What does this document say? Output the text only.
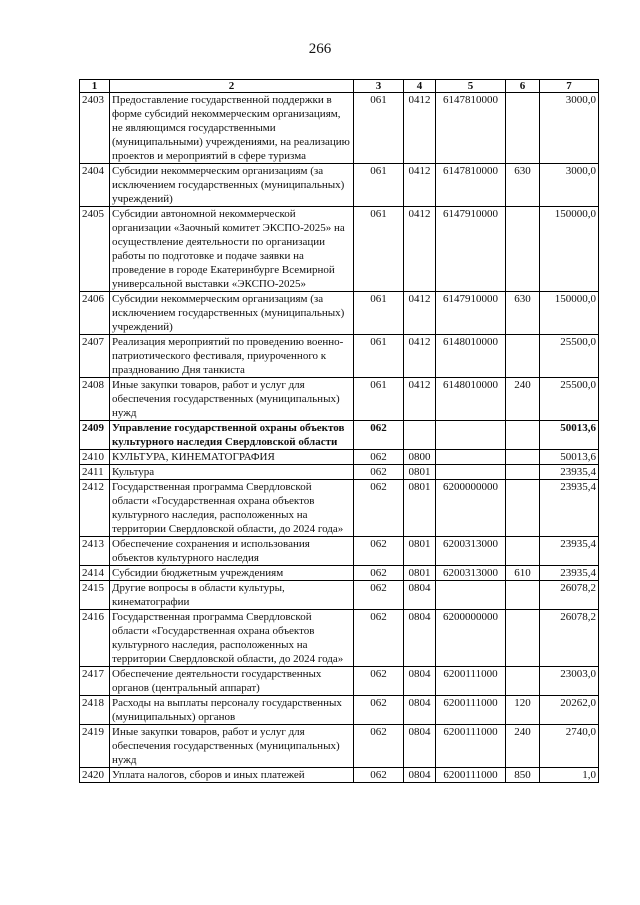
266
1	2	3	4	5	6	7
2403	Предоставление государственной поддержки в форме субсидий некоммерческим организациям, не являющимся государственными (муниципальными) учреждениями, на реализацию проектов и мероприятий в сфере туризма	061	0412	6147810000		3000,0
2404	Субсидии некоммерческим организациям (за исключением государственных (муниципальных) учреждений)	061	0412	6147810000	630	3000,0
2405	Субсидии автономной некоммерческой организации «Заочный комитет ЭКСПО-2025» на осуществление деятельности по организации работы по подготовке и подаче заявки на проведение в городе Екатеринбурге Всемирной универсальной выставки «ЭКСПО-2025»	061	0412	6147910000		150000,0
2406	Субсидии некоммерческим организациям (за исключением государственных (муниципальных) учреждений)	061	0412	6147910000	630	150000,0
2407	Реализация мероприятий по проведению военно-патриотического фестиваля, приуроченного к празднованию Дня танкиста	061	0412	6148010000		25500,0
2408	Иные закупки товаров, работ и услуг для обеспечения государственных (муниципальных) нужд	061	0412	6148010000	240	25500,0
2409	Управление государственной охраны объектов культурного наследия Свердловской области	062				50013,6
2410	КУЛЬТУРА, КИНЕМАТОГРАФИЯ	062	0800			50013,6
2411	Культура	062	0801			23935,4
2412	Государственная программа Свердловской области «Государственная охрана объектов культурного наследия, расположенных на территории Свердловской области, до 2024 года»	062	0801	6200000000		23935,4
2413	Обеспечение сохранения и использования объектов культурного наследия	062	0801	6200313000		23935,4
2414	Субсидии бюджетным учреждениям	062	0801	6200313000	610	23935,4
2415	Другие вопросы в области культуры, кинематографии	062	0804			26078,2
2416	Государственная программа Свердловской области «Государственная охрана объектов культурного наследия, расположенных на территории Свердловской области, до 2024 года»	062	0804	6200000000		26078,2
2417	Обеспечение деятельности государственных органов (центральный аппарат)	062	0804	6200111000		23003,0
2418	Расходы на выплаты персоналу государственных (муниципальных) органов	062	0804	6200111000	120	20262,0
2419	Иные закупки товаров, работ и услуг для обеспечения государственных (муниципальных) нужд	062	0804	6200111000	240	2740,0
2420	Уплата налогов, сборов и иных платежей	062	0804	6200111000	850	1,0
